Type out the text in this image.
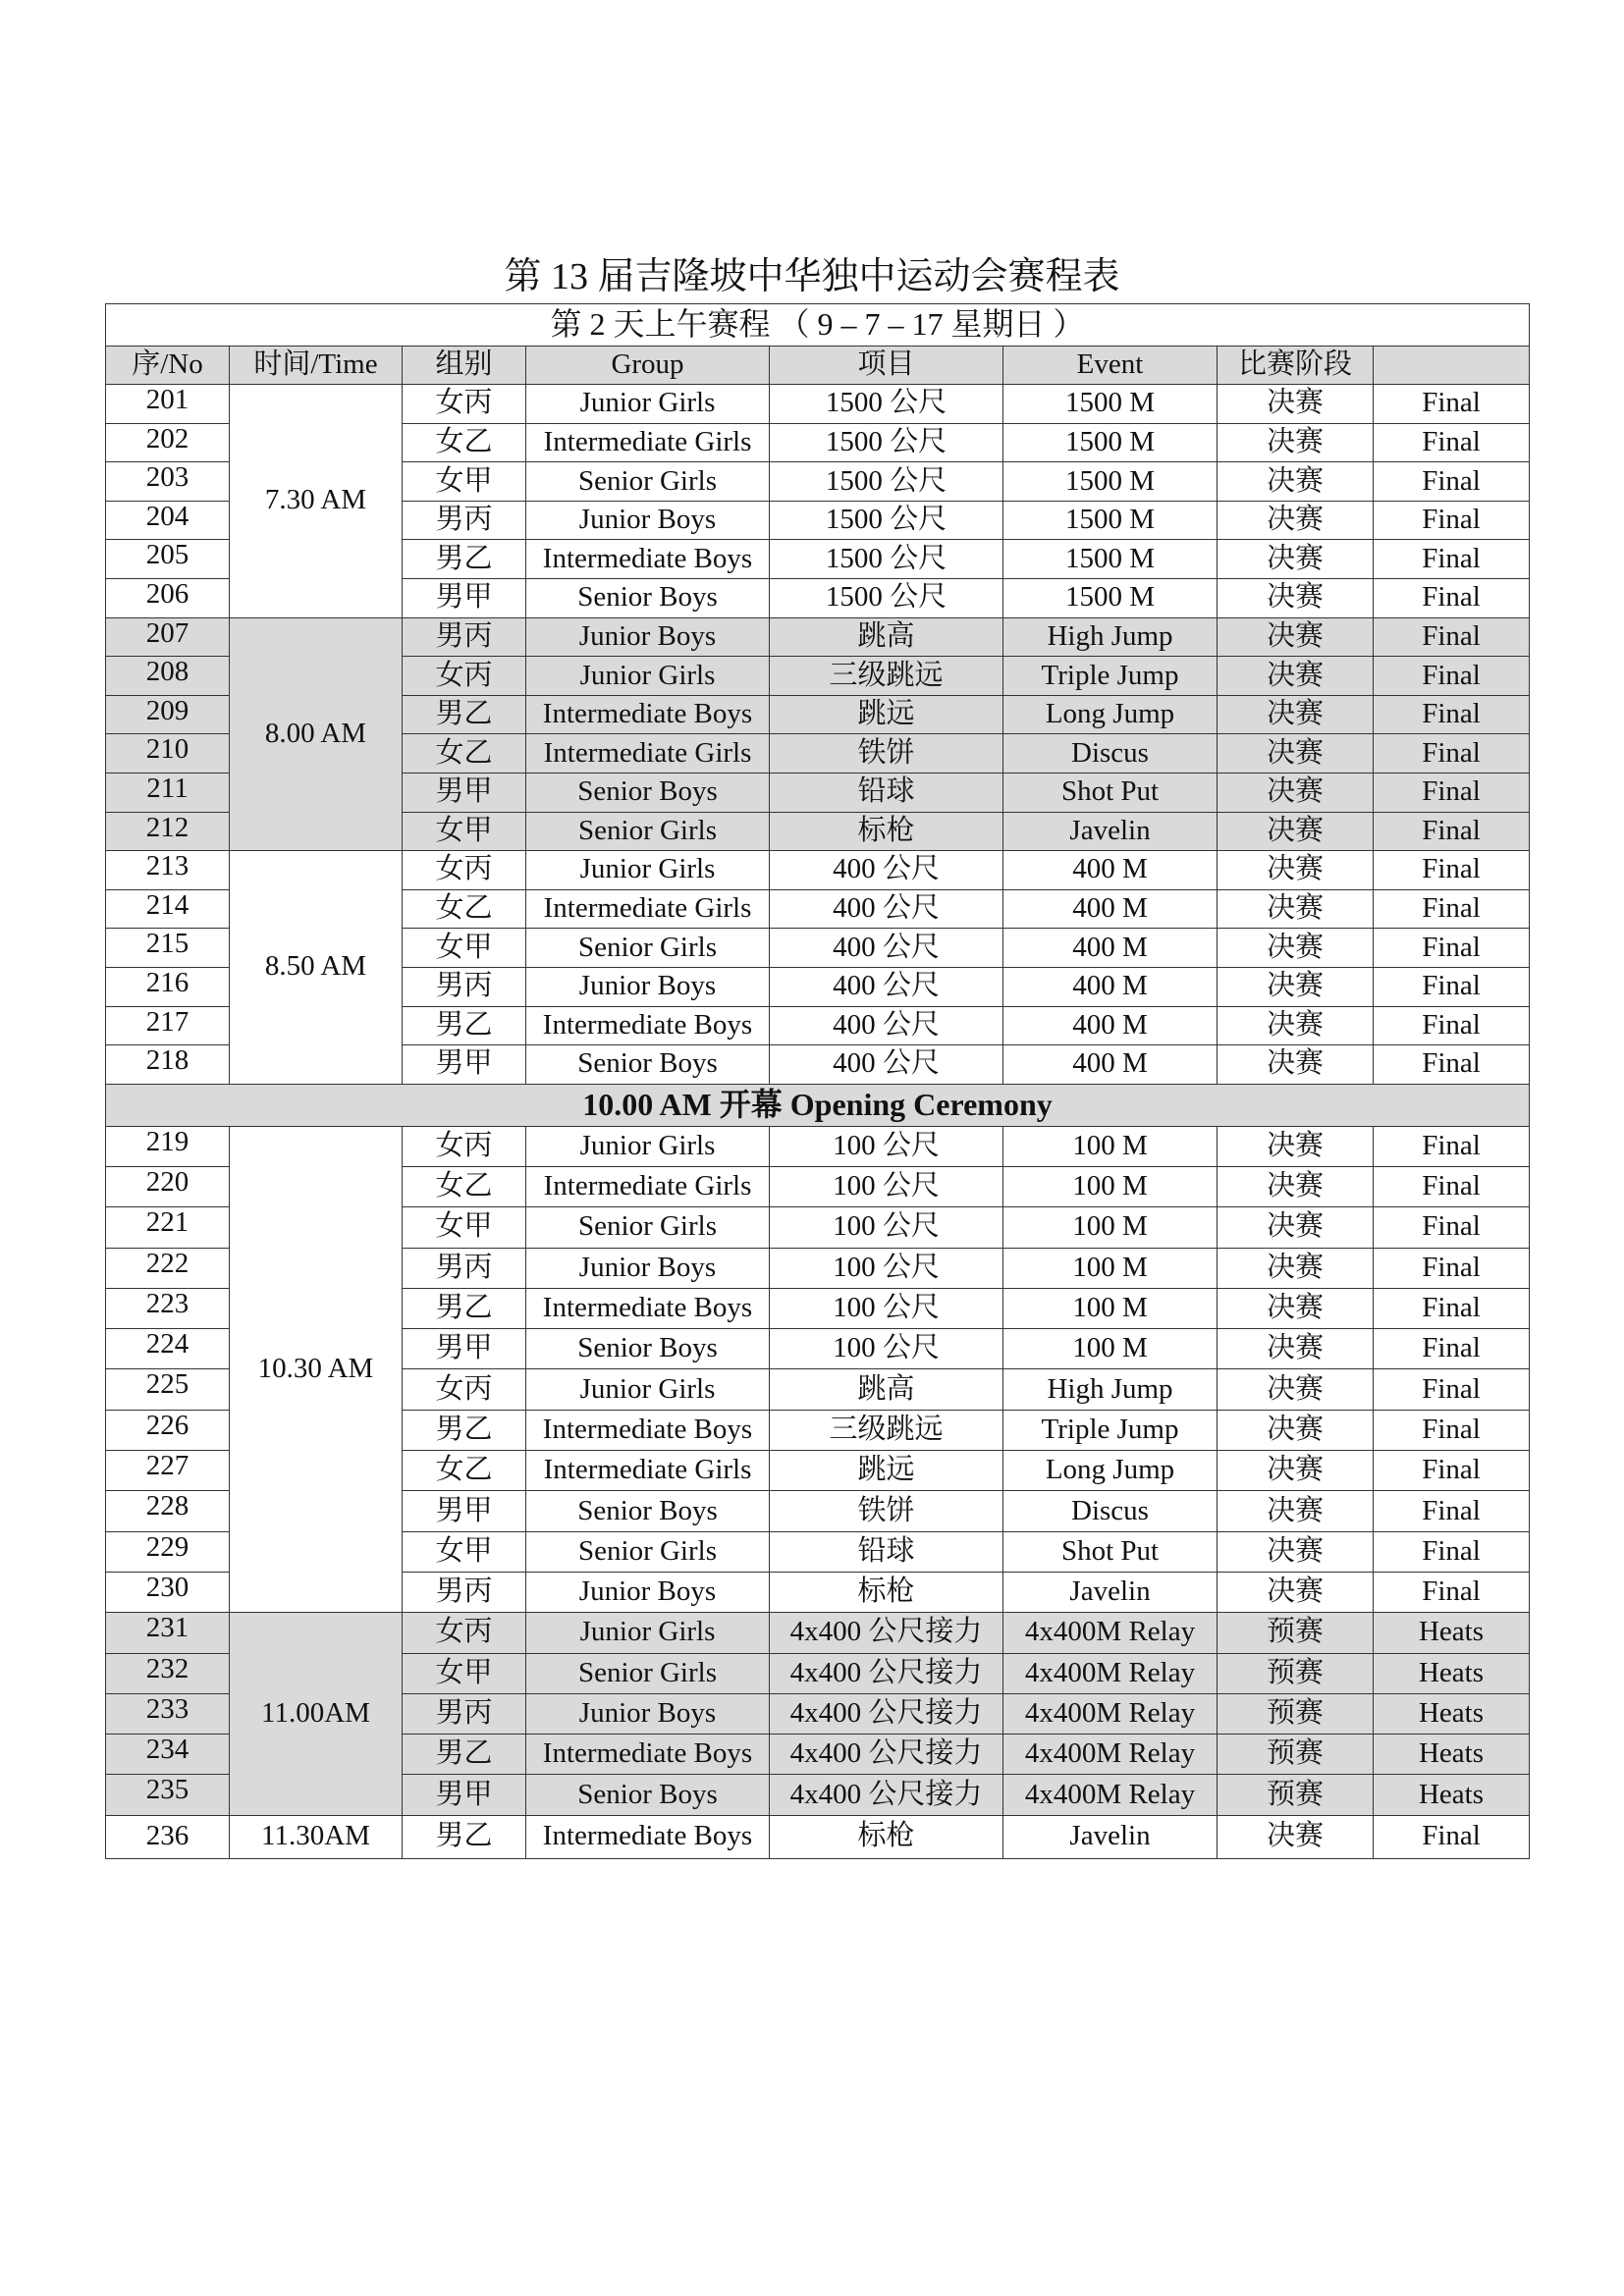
第 13 届吉隆坡中华独中运动会赛程表
第 2 天上午赛程 （ 9 – 7 – 17 星期日 ）							
序/No	时间/Time	组别	Group	项目	Event	比赛阶段	
201	7.30 AM	女丙	Junior Girls	1500 公尺	1500 M	决赛	Final
202		女乙	Intermediate Girls	1500 公尺	1500 M	决赛	Final
203		女甲	Senior Girls	1500 公尺	1500 M	决赛	Final
204		男丙	Junior Boys	1500 公尺	1500 M	决赛	Final
205		男乙	Intermediate Boys	1500 公尺	1500 M	决赛	Final
206		男甲	Senior Boys	1500 公尺	1500 M	决赛	Final
207	8.00 AM	男丙	Junior Boys	跳高	High Jump	决赛	Final
208		女丙	Junior Girls	三级跳远	Triple Jump	决赛	Final
209		男乙	Intermediate Boys	跳远	Long Jump	决赛	Final
210		女乙	Intermediate Girls	铁饼	Discus	决赛	Final
211		男甲	Senior Boys	铅球	Shot Put	决赛	Final
212		女甲	Senior Girls	标枪	Javelin	决赛	Final
213	8.50 AM	女丙	Junior Girls	400 公尺	400 M	决赛	Final
214		女乙	Intermediate Girls	400 公尺	400 M	决赛	Final
215		女甲	Senior Girls	400 公尺	400 M	决赛	Final
216		男丙	Junior Boys	400 公尺	400 M	决赛	Final
217		男乙	Intermediate Boys	400 公尺	400 M	决赛	Final
218		男甲	Senior Boys	400 公尺	400 M	决赛	Final
10.00 AM 开幕 Opening Ceremony							
219	10.30 AM	女丙	Junior Girls	100 公尺	100 M	决赛	Final
220		女乙	Intermediate Girls	100 公尺	100 M	决赛	Final
221		女甲	Senior Girls	100 公尺	100 M	决赛	Final
222		男丙	Junior Boys	100 公尺	100 M	决赛	Final
223		男乙	Intermediate Boys	100 公尺	100 M	决赛	Final
224		男甲	Senior Boys	100 公尺	100 M	决赛	Final
225		女丙	Junior Girls	跳高	High Jump	决赛	Final
226		男乙	Intermediate Boys	三级跳远	Triple Jump	决赛	Final
227		女乙	Intermediate Girls	跳远	Long Jump	决赛	Final
228		男甲	Senior Boys	铁饼	Discus	决赛	Final
229		女甲	Senior Girls	铅球	Shot Put	决赛	Final
230		男丙	Junior Boys	标枪	Javelin	决赛	Final
231	11.00AM	女丙	Junior Girls	4x400 公尺接力	4x400M Relay	预赛	Heats
232		女甲	Senior Girls	4x400 公尺接力	4x400M Relay	预赛	Heats
233		男丙	Junior Boys	4x400 公尺接力	4x400M Relay	预赛	Heats
234		男乙	Intermediate Boys	4x400 公尺接力	4x400M Relay	预赛	Heats
235		男甲	Senior Boys	4x400 公尺接力	4x400M Relay	预赛	Heats
236	11.30AM	男乙	Intermediate Boys	标枪	Javelin	决赛	Final
